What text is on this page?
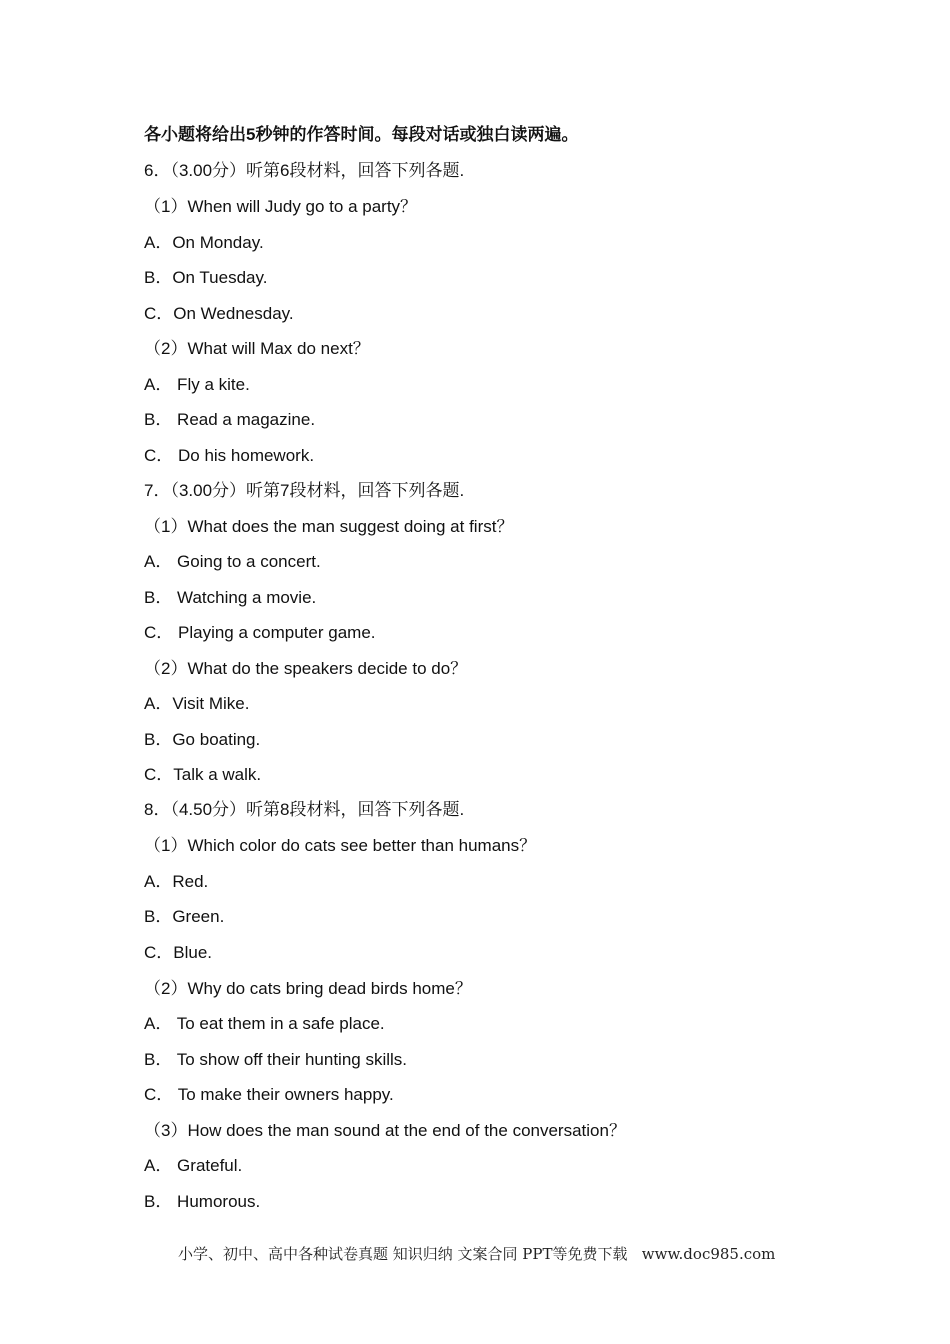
各小题将给出5秒钟的作答时间。每段对话或独白读两遍。
6．（3.00分）听第6段材料，回答下列各题.
（1）When will Judy go to a party？
A．On Monday.
B．On Tuesday.
C．On Wednesday.
（2）What will Max do next？
A． Fly a kite.
B． Read a magazine.
C． Do his homework.
7．（3.00分）听第7段材料，回答下列各题.
（1）What does the man suggest doing at first？
A． Going to a concert.
B． Watching a movie.
C． Playing a computer game.
（2）What do the speakers decide to do？
A．Visit Mike.
B．Go boating.
C．Talk a walk.
8．（4.50分）听第8段材料，回答下列各题.
（1）Which color do cats see better than humans？
A．Red.
B．Green.
C．Blue.
（2）Why do cats bring dead birds home？
A． To eat them in a safe place.
B． To show off their hunting skills.
C． To make their owners happy.
（3）How does the man sound at the end of the conversation？
A． Grateful.
B． Humorous.
小学、初中、高中各种试卷真题 知识归纳 文案合同 PPT等免费下载   www.doc985.com
